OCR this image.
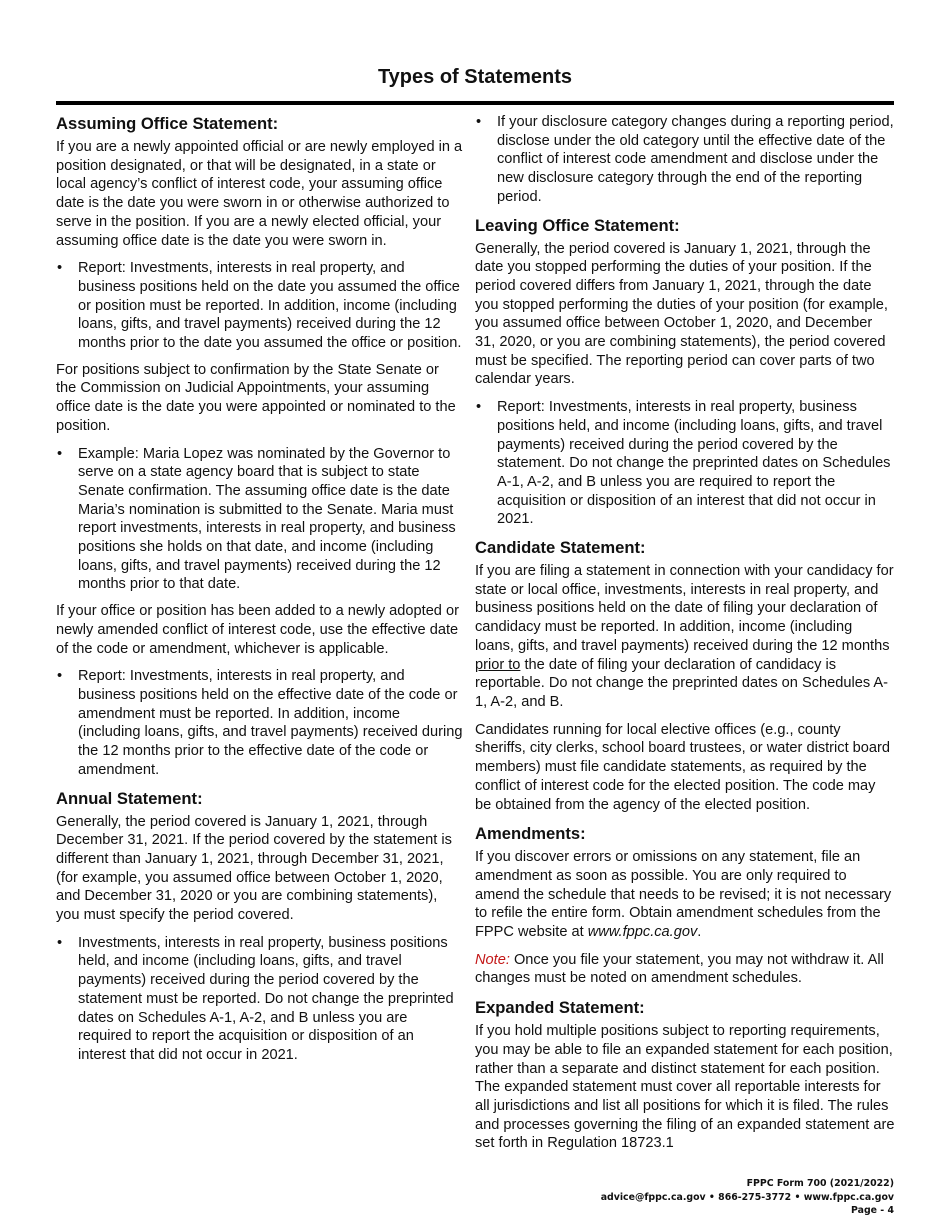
Types of Statements
Assuming Office Statement:

If you are a newly appointed official or are newly employed in a position designated, or that will be designated, in a state or local agency’s conflict of interest code, your assuming office date is the date you were sworn in or otherwise authorized to serve in the position. If you are a newly elected official, your assuming office date is the date you were sworn in.

• Report: Investments, interests in real property, and business positions held on the date you assumed the office or position must be reported. In addition, income (including loans, gifts, and travel payments) received during the 12 months prior to the date you assumed the office or position.

For positions subject to confirmation by the State Senate or the Commission on Judicial Appointments, your assuming office date is the date you were appointed or nominated to the position.

• Example: Maria Lopez was nominated by the Governor to serve on a state agency board that is subject to state Senate confirmation. The assuming office date is the date Maria’s nomination is submitted to the Senate. Maria must report investments, interests in real property, and business positions she holds on that date, and income (including loans, gifts, and travel payments) received during the 12 months prior to that date.

If your office or position has been added to a newly adopted or newly amended conflict of interest code, use the effective date of the code or amendment, whichever is applicable.

• Report: Investments, interests in real property, and business positions held on the effective date of the code or amendment must be reported. In addition, income (including loans, gifts, and travel payments) received during the 12 months prior to the effective date of the code or amendment.
Annual Statement:

Generally, the period covered is January 1, 2021, through December 31, 2021. If the period covered by the statement is different than January 1, 2021, through December 31, 2021, (for example, you assumed office between October 1, 2020, and December 31, 2020 or you are combining statements), you must specify the period covered.

• Investments, interests in real property, business positions held, and income (including loans, gifts, and travel payments) received during the period covered by the statement must be reported. Do not change the preprinted dates on Schedules A-1, A-2, and B unless you are required to report the acquisition or disposition of an interest that did not occur in 2021.
• If your disclosure category changes during a reporting period, disclose under the old category until the effective date of the conflict of interest code amendment and disclose under the new disclosure category through the end of the reporting period.
Leaving Office Statement:

Generally, the period covered is January 1, 2021, through the date you stopped performing the duties of your position. If the period covered differs from January 1, 2021, through the date you stopped performing the duties of your position (for example, you assumed office between October 1, 2020, and December 31, 2020, or you are combining statements), the period covered must be specified. The reporting period can cover parts of two calendar years.

• Report: Investments, interests in real property, business positions held, and income (including loans, gifts, and travel payments) received during the period covered by the statement. Do not change the preprinted dates on Schedules A-1, A-2, and B unless you are required to report the acquisition or disposition of an interest that did not occur in 2021.
Candidate Statement:

If you are filing a statement in connection with your candidacy for state or local office, investments, interests in real property, and business positions held on the date of filing your declaration of candidacy must be reported. In addition, income (including loans, gifts, and travel payments) received during the 12 months prior to the date of filing your declaration of candidacy is reportable. Do not change the preprinted dates on Schedules A-1, A-2, and B.

Candidates running for local elective offices (e.g., county sheriffs, city clerks, school board trustees, or water district board members) must file candidate statements, as required by the conflict of interest code for the elected position. The code may be obtained from the agency of the elected position.

Amendments:

If you discover errors or omissions on any statement, file an amendment as soon as possible. You are only required to amend the schedule that needs to be revised; it is not necessary to refile the entire form. Obtain amendment schedules from the FPPC website at www.fppc.ca.gov.

Note: Once you file your statement, you may not withdraw it. All changes must be noted on amendment schedules.

Expanded Statement:

If you hold multiple positions subject to reporting requirements, you may be able to file an expanded statement for each position, rather than a separate and distinct statement for each position. The expanded statement must cover all reportable interests for all jurisdictions and list all positions for which it is filed. The rules and processes governing the filing of an expanded statement are set forth in Regulation 18723.1

FPPC Form 700 (2021/2022)
advice@fppc.ca.gov • 866-275-3772 • www.fppc.ca.gov
Page - 4
